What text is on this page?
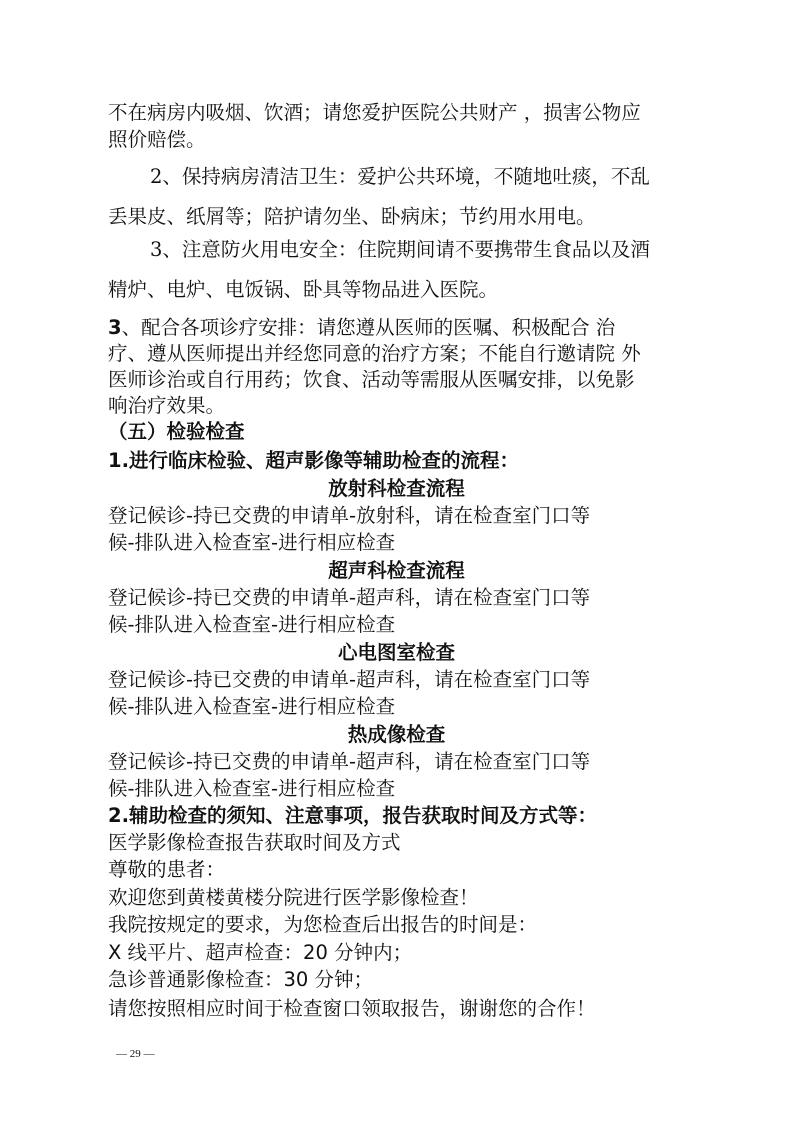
不在病房内吸烟、饮酒；请您爱护医院公共财产 ，损害公物应
照价赔偿。
2、保持病房清洁卫生：爱护公共环境，不随地吐痰，不乱
丢果皮、纸屑等；陪护请勿坐、卧病床；节约用水用电。
3、注意防火用电安全：住院期间请不要携带生食品以及酒
精炉、电炉、电饭锅、卧具等物品进入医院。
3、配合各项诊疗安排：请您遵从医师的医嘱、积极配合 治
疗、遵从医师提出并经您同意的治疗方案；不能自行邀请院 外
医师诊治或自行用药；饮食、活动等需服从医嘱安排，以免影
响治疗效果。
（五）检验检查
1.进行临床检验、超声影像等辅助检查的流程：
放射科检查流程
登记候诊-持已交费的申请单-放射科，请在检查室门口等
候-排队进入检查室-进行相应检查
超声科检查流程
登记候诊-持已交费的申请单-超声科，请在检查室门口等
候-排队进入检查室-进行相应检查
心电图室检查
登记候诊-持已交费的申请单-超声科，请在检查室门口等
候-排队进入检查室-进行相应检查
热成像检查
登记候诊-持已交费的申请单-超声科，请在检查室门口等
候-排队进入检查室-进行相应检查
2.辅助检查的须知、注意事项，报告获取时间及方式等：
医学影像检查报告获取时间及方式
尊敬的患者：
欢迎您到黄楼黄楼分院进行医学影像检查！
我院按规定的要求，为您检查后出报告的时间是：
X 线平片、超声检查：20 分钟内；
急诊普通影像检查：30 分钟；
请您按照相应时间于检查窗口领取报告，谢谢您的合作！
— 29 —
